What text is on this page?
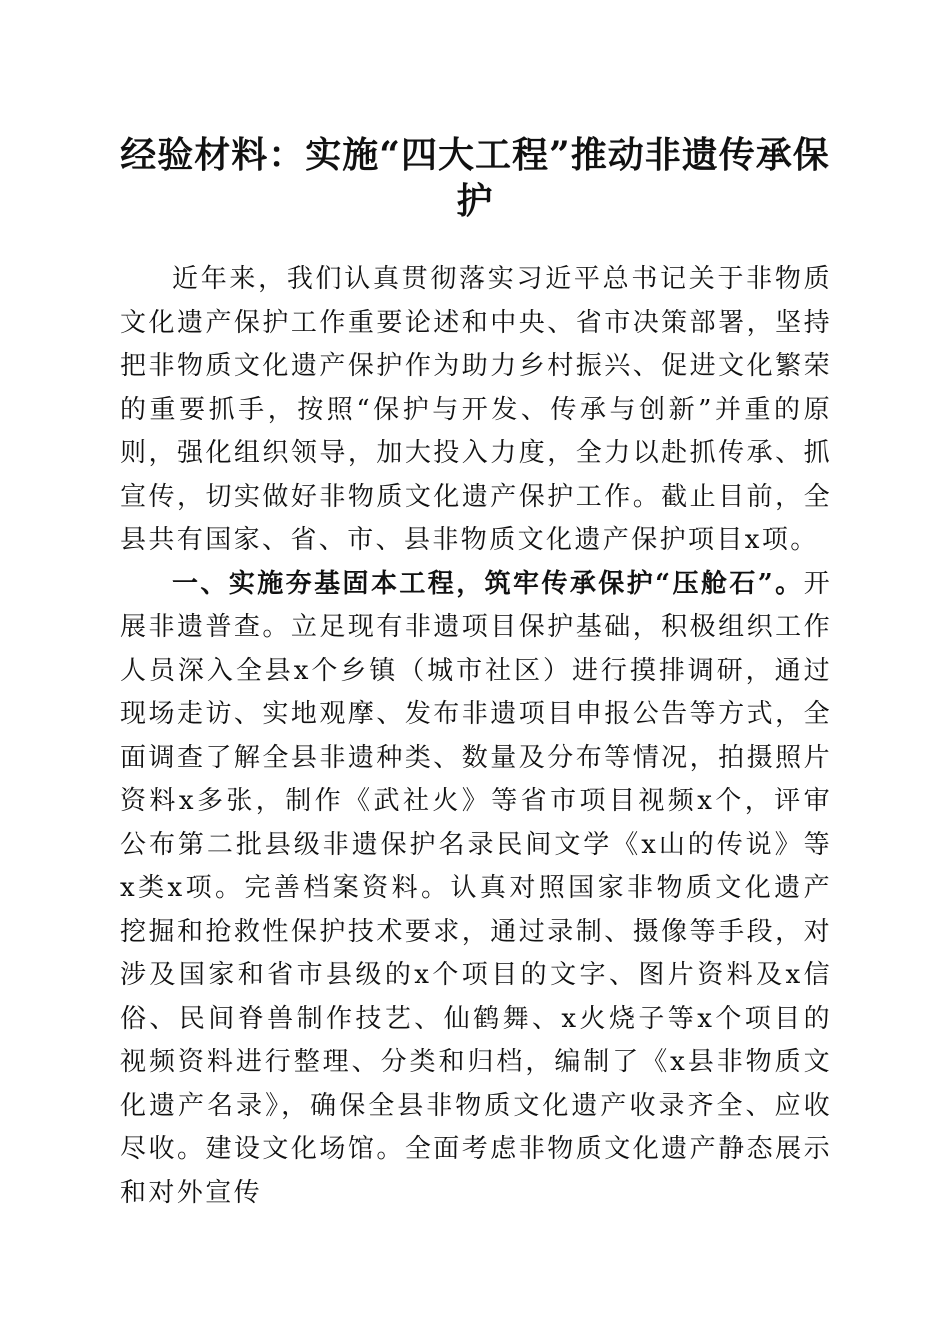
经验材料：实施“四大工程”推动非遗传承保护

近年来，我们认真贯彻落实习近平总书记关于非物质文化遗产保护工作重要论述和中央、省市决策部署，坚持把非物质文化遗产保护作为助力乡村振兴、促进文化繁荣的重要抓手，按照“保护与开发、传承与创新”并重的原则，强化组织领导，加大投入力度，全力以赴抓传承、抓宣传，切实做好非物质文化遗产保护工作。截止目前，全县共有国家、省、市、县非物质文化遗产保护项目x项。

一、实施夯基固本工程，筑牢传承保护“压舱石”。开展非遗普查。立足现有非遗项目保护基础，积极组织工作人员深入全县x个乡镇（城市社区）进行摸排调研，通过现场走访、实地观摩、发布非遗项目申报公告等方式，全面调查了解全县非遗种类、数量及分布等情况，拍摄照片资料x多张，制作《武社火》等省市项目视频x个，评审公布第二批县级非遗保护名录民间文学《x山的传说》等x类x项。完善档案资料。认真对照国家非物质文化遗产挖掘和抢救性保护技术要求，通过录制、摄像等手段，对涉及国家和省市县级的x个项目的文字、图片资料及x信俗、民间脊兽制作技艺、仙鹤舞、x火烧子等x个项目的视频资料进行整理、分类和归档，编制了《x县非物质文化遗产名录》，确保全县非物质文化遗产收录齐全、应收尽收。建设文化场馆。全面考虑非物质文化遗产静态展示和对外宣传
